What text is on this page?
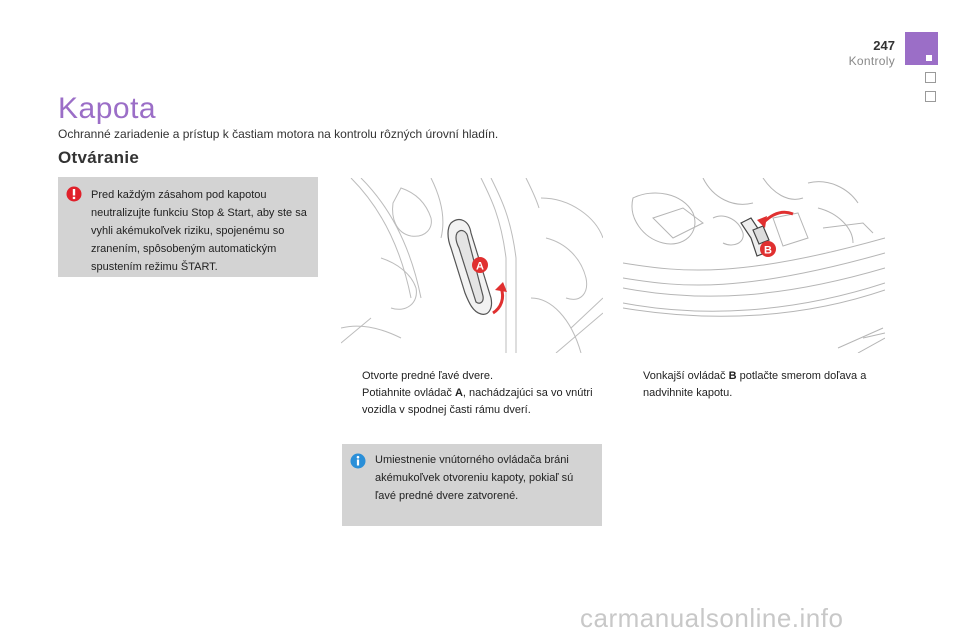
247
Kontroly
Kapota
Ochranné zariadenie a prístup k častiam motora na kontrolu rôzných úrovní hladín.
Otváranie
Pred každým zásahom pod kapotou neutralizujte funkciu Stop & Start, aby ste sa vyhli akémukoľvek riziku, spojenému so zranením, spôsobeným automatickým spustením režimu ŠTART.	A
B
Otvorte predné ľavé dvere.
Potiahnite ovládač A, nachádzajúci sa vo vnútri vozidla v spodnej časti rámu dverí.
Vonkajší ovládač B potlačte smerom doľava a nadvihnite kapotu.
Umiestnenie vnútorného ovládača bráni akémukoľvek otvoreniu kapoty, pokiaľ sú ľavé predné dvere zatvorené.
carmanualsonline.info
